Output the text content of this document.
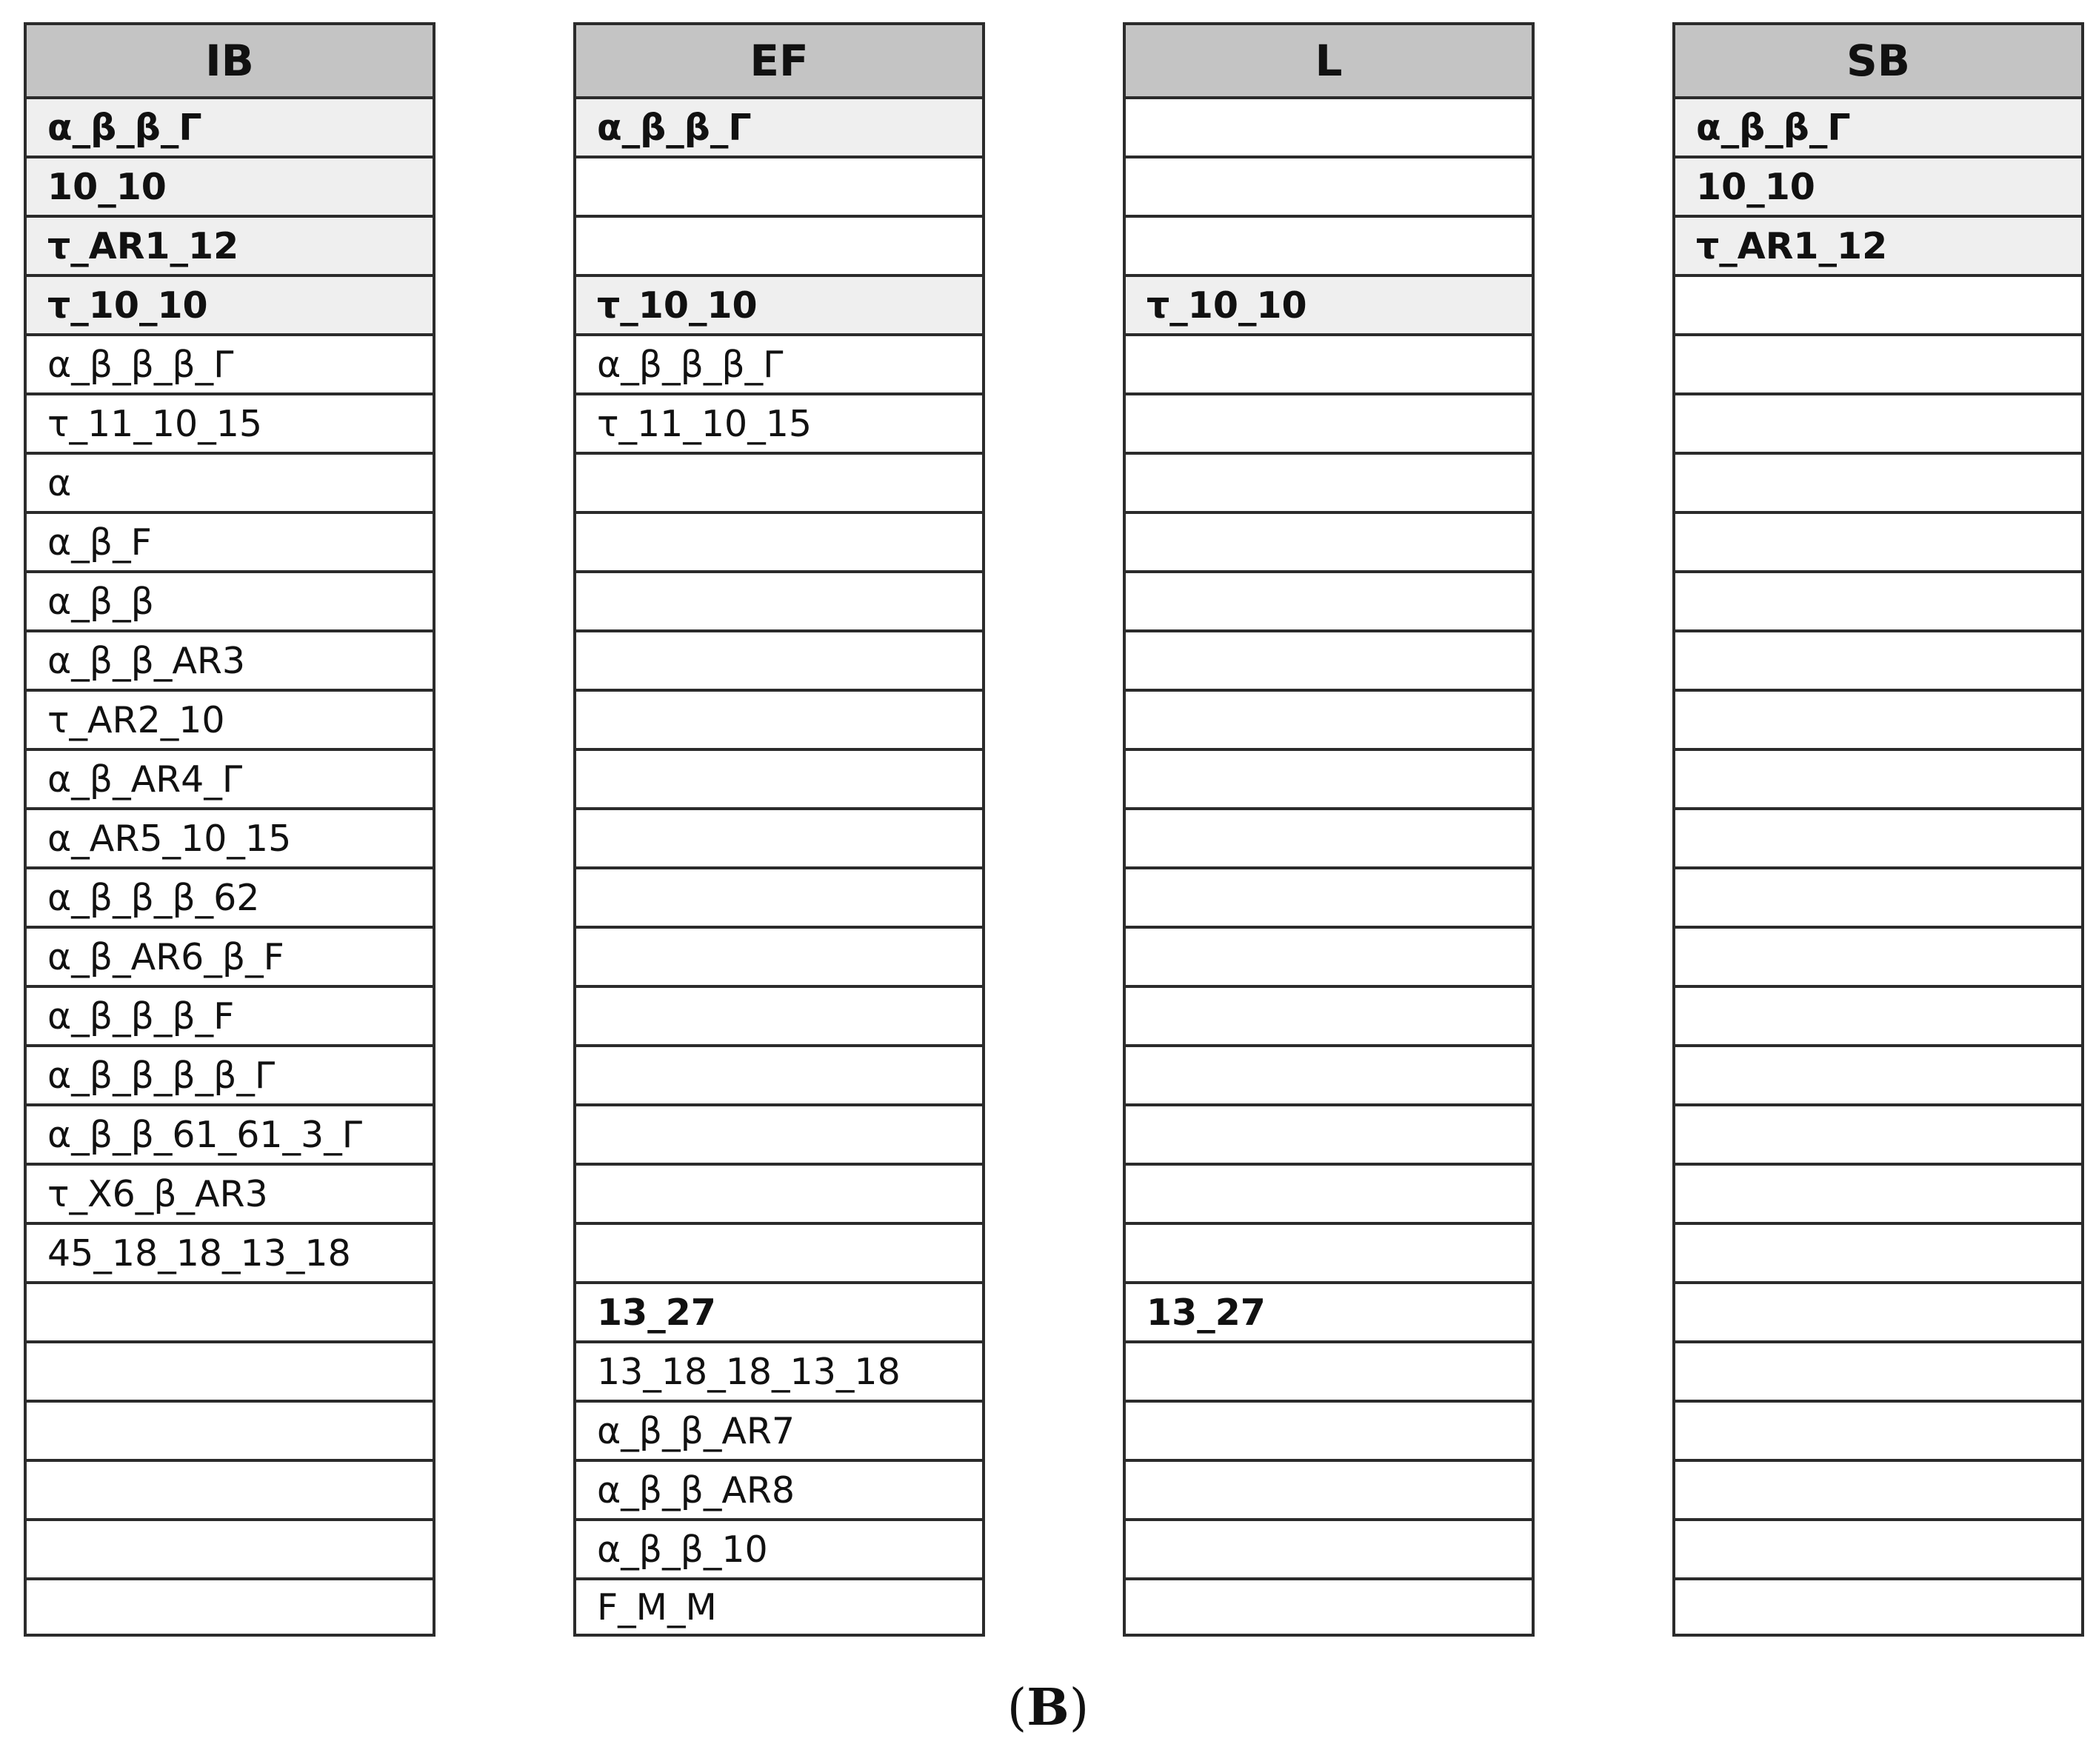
IB
α_β_β_Γ
10_10
τ_AR1_12
τ_10_10
α_β_β_β_Γ
τ_11_10_15
α
α_β_F
α_β_β
α_β_β_AR3
τ_AR2_10
α_β_AR4_Γ
α_AR5_10_15
α_β_β_β_62
α_β_AR6_β_F
α_β_β_β_F
α_β_β_β_β_Γ
α_β_β_61_61_3_Γ
τ_X6_β_AR3
45_18_18_13_18
EF
α_β_β_Γ
τ_10_10
α_β_β_β_Γ
τ_11_10_15
13_27
13_18_18_13_18
α_β_β_AR7
α_β_β_AR8
α_β_β_10
F_M_M
L
τ_10_10
13_27
SB
α_β_β_Γ
10_10
τ_AR1_12
(B)
